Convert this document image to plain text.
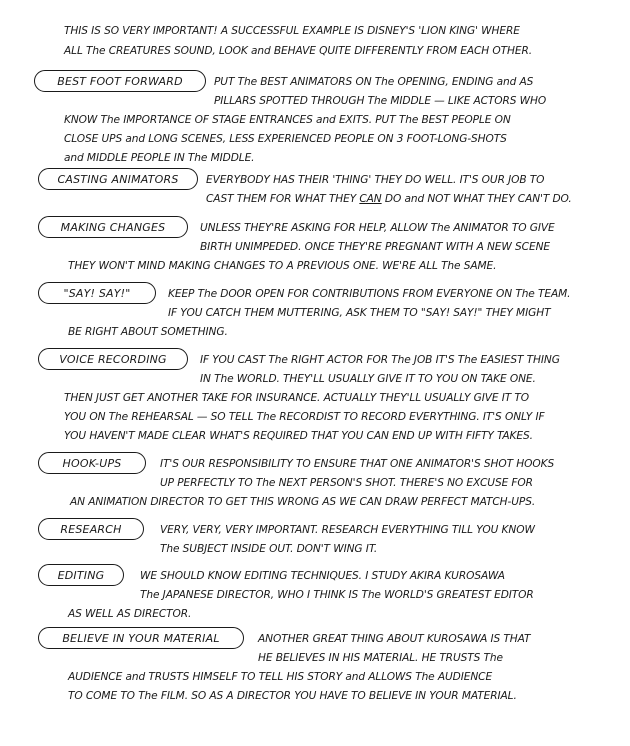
THIS IS SO VERY IMPORTANT! A SUCCESSFUL EXAMPLE IS DISNEY'S 'LION KING' WHERE
ALL The CREATURES SOUND, LOOK and BEHAVE QUITE DIFFERENTLY FROM EACH OTHER.
BEST FOOT FORWARD	PUT The BEST ANIMATORS ON The OPENING, ENDING and AS
PILLARS SPOTTED THROUGH The MIDDLE — LIKE ACTORS WHO
KNOW The IMPORTANCE OF STAGE ENTRANCES and EXITS. PUT The BEST PEOPLE ON
CLOSE UPS and LONG SCENES, LESS EXPERIENCED PEOPLE ON 3 FOOT-LONG-SHOTS
and MIDDLE PEOPLE IN The MIDDLE.
CASTING ANIMATORS	EVERYBODY HAS THEIR 'THING' THEY DO WELL. IT'S OUR JOB TO
CAST THEM FOR WHAT THEY CAN DO and NOT WHAT THEY CAN'T DO.
MAKING CHANGES	UNLESS THEY'RE ASKING FOR HELP, ALLOW The ANIMATOR TO GIVE
BIRTH UNIMPEDED. ONCE THEY'RE PREGNANT WITH A NEW SCENE
THEY WON'T MIND MAKING CHANGES TO A PREVIOUS ONE. WE'RE ALL The SAME.
"SAY! SAY!"	KEEP The DOOR OPEN FOR CONTRIBUTIONS FROM EVERYONE ON The TEAM.
IF YOU CATCH THEM MUTTERING, ASK THEM TO "SAY! SAY!" THEY MIGHT
BE RIGHT ABOUT SOMETHING.
VOICE RECORDING	IF YOU CAST The RIGHT ACTOR FOR The JOB IT'S The EASIEST THING
IN The WORLD. THEY'LL USUALLY GIVE IT TO YOU ON TAKE ONE.
THEN JUST GET ANOTHER TAKE FOR INSURANCE. ACTUALLY THEY'LL USUALLY GIVE IT TO
YOU ON The REHEARSAL — SO TELL The RECORDIST TO RECORD EVERYTHING. IT'S ONLY IF
YOU HAVEN'T MADE CLEAR WHAT'S REQUIRED THAT YOU CAN END UP WITH FIFTY TAKES.
HOOK-UPS	IT'S OUR RESPONSIBILITY TO ENSURE THAT ONE ANIMATOR'S SHOT HOOKS
UP PERFECTLY TO The NEXT PERSON'S SHOT. THERE'S NO EXCUSE FOR
AN ANIMATION DIRECTOR TO GET THIS WRONG AS WE CAN DRAW PERFECT MATCH-UPS.
RESEARCH	VERY, VERY, VERY IMPORTANT. RESEARCH EVERYTHING TILL YOU KNOW
The SUBJECT INSIDE OUT. DON'T WING IT.
EDITING	WE SHOULD KNOW EDITING TECHNIQUES. I STUDY AKIRA KUROSAWA
The JAPANESE DIRECTOR, WHO I THINK IS The WORLD'S GREATEST EDITOR
AS WELL AS DIRECTOR.
BELIEVE IN YOUR MATERIAL	ANOTHER GREAT THING ABOUT KUROSAWA IS THAT
HE BELIEVES IN HIS MATERIAL. HE TRUSTS The
AUDIENCE and TRUSTS HIMSELF TO TELL HIS STORY and ALLOWS The AUDIENCE
TO COME TO The FILM. SO AS A DIRECTOR YOU HAVE TO BELIEVE IN YOUR MATERIAL.
